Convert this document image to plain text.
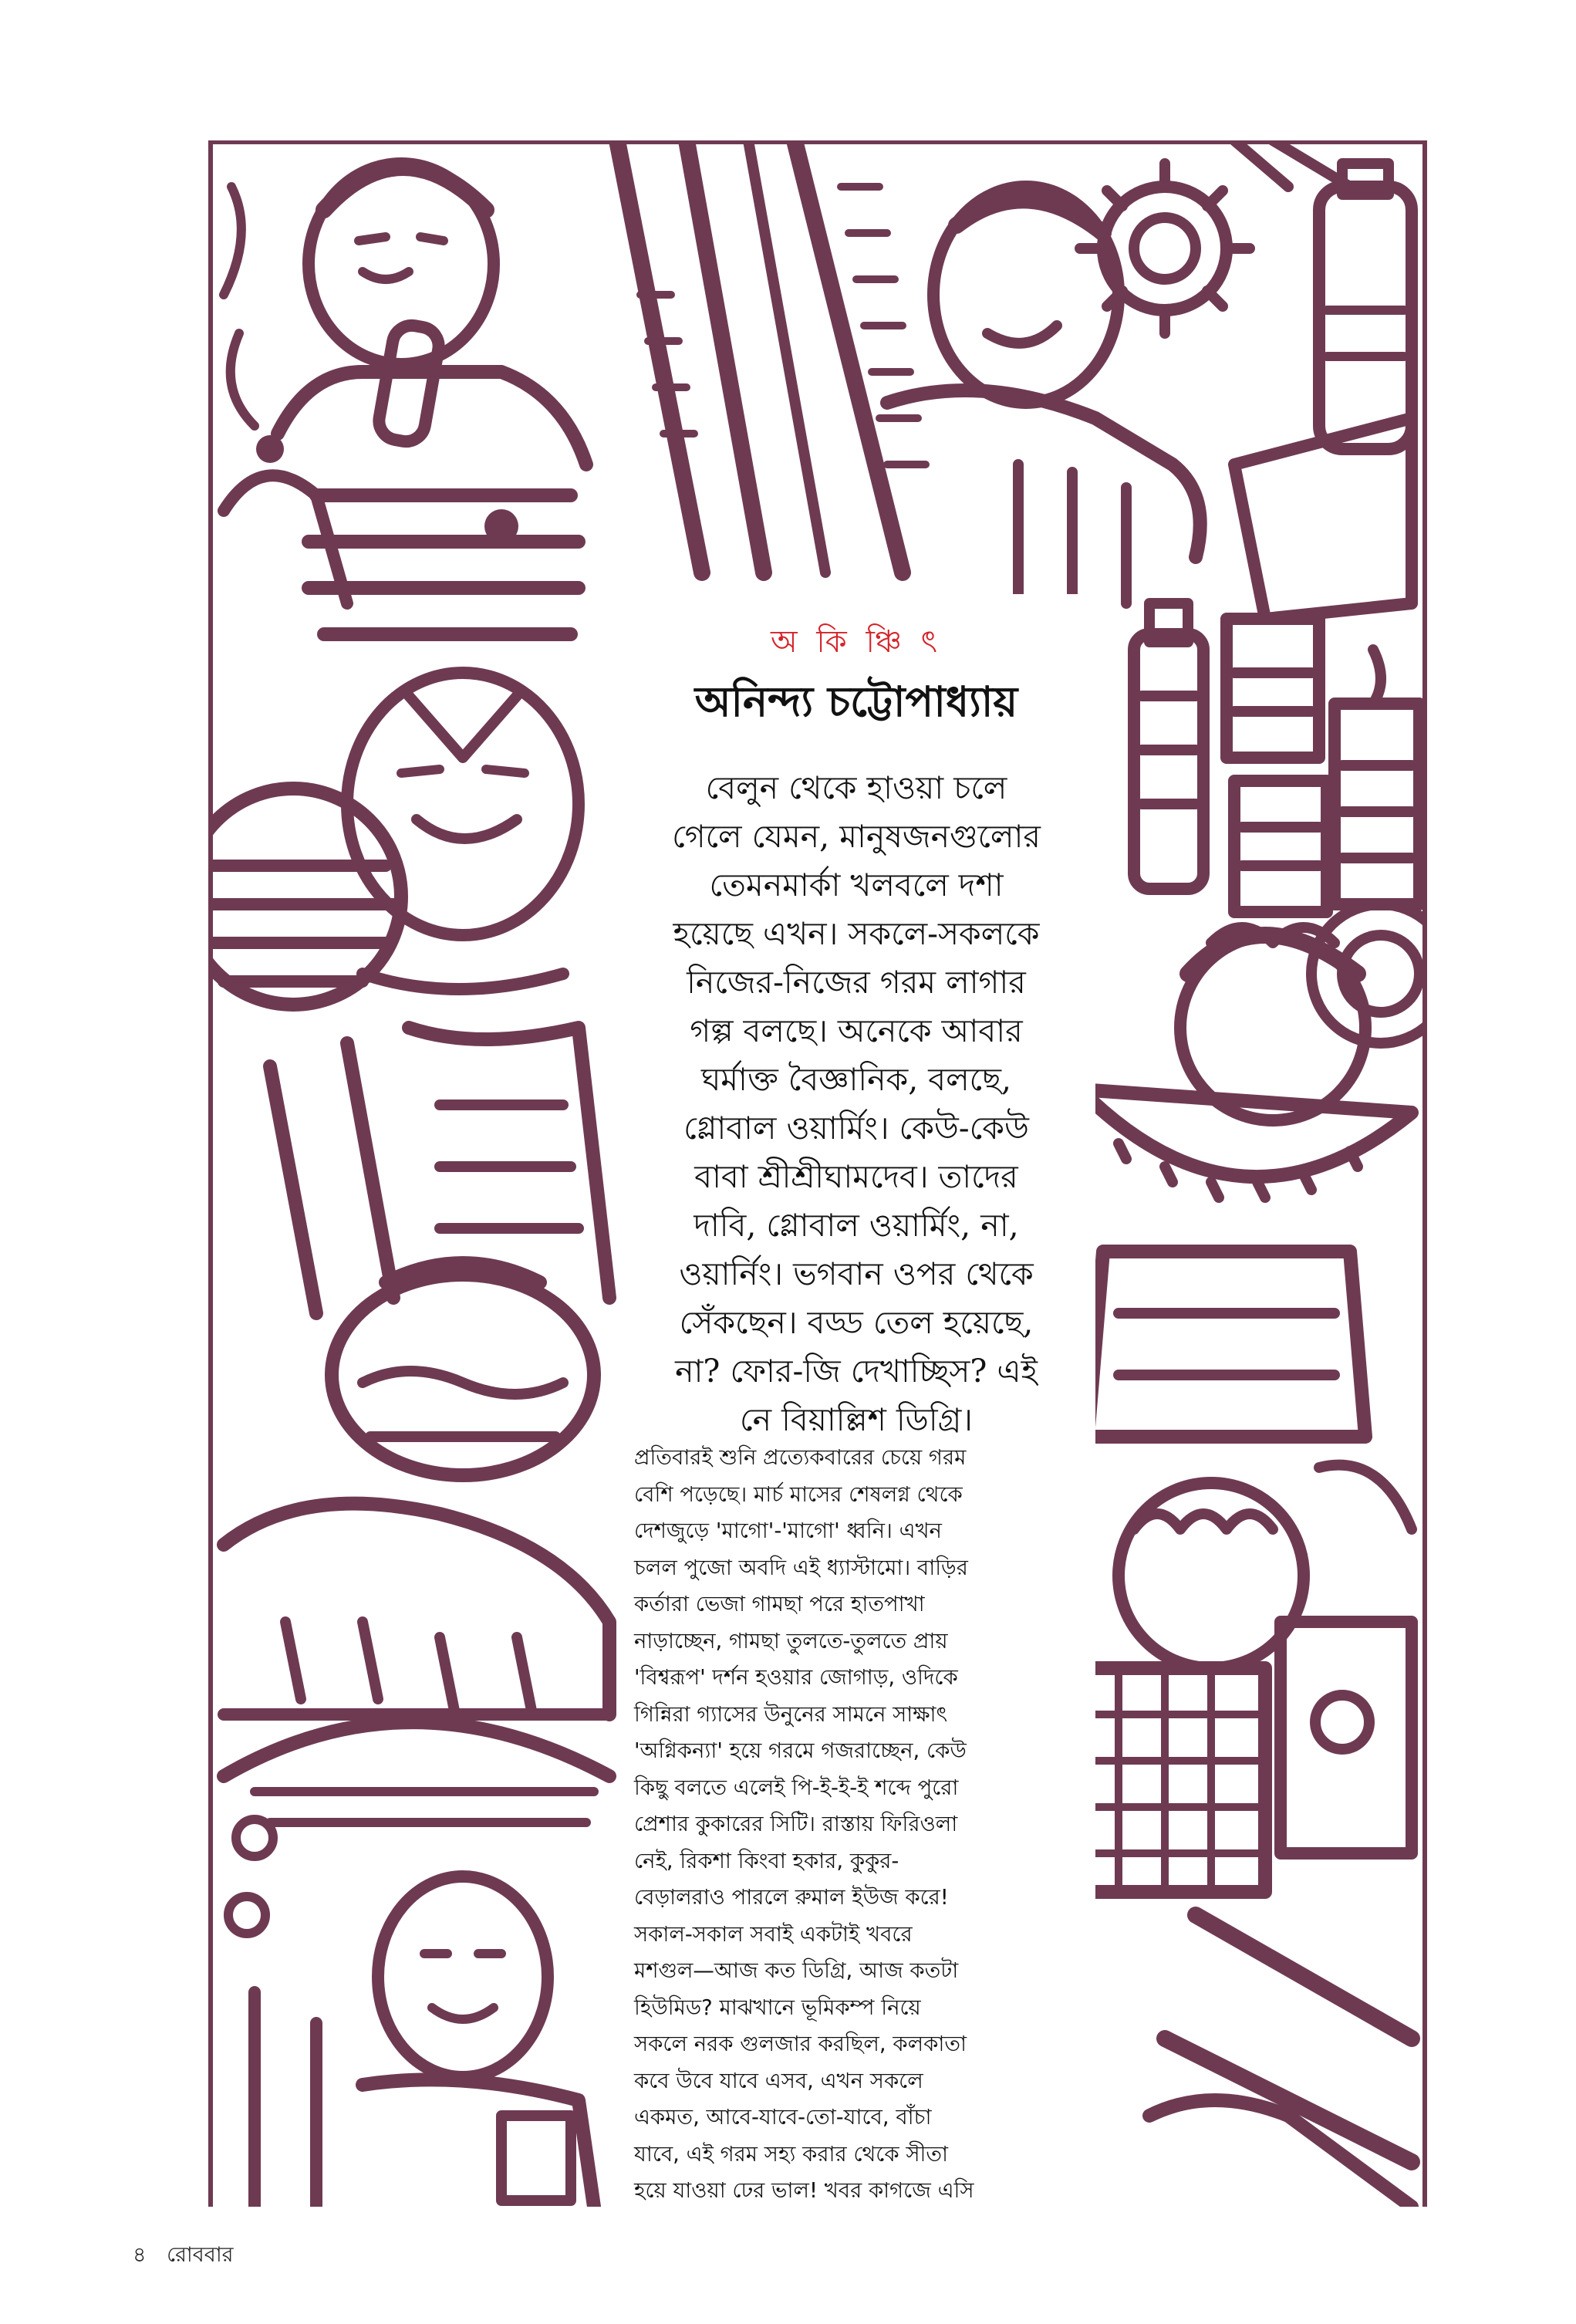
অ কি ঞ্চি ৎ
অনিন্দ্য চট্টোপাধ্যায়
বেলুন থেকে হাওয়া চলে
গেলে যেমন, মানুষজনগুলোর
তেমনমার্কা খলবলে দশা
হয়েছে এখন। সকলে-সকলকে
নিজের-নিজের গরম লাগার
গল্প বলছে। অনেকে আবার
ঘর্মাক্ত বৈজ্ঞানিক, বলছে,
গ্লোবাল ওয়ার্মিং। কেউ-কেউ
বাবা শ্রীশ্রীঘামদেব। তাদের
দাবি, গ্লোবাল ওয়ার্মিং, না,
ওয়ার্নিং। ভগবান ওপর থেকে
সেঁকছেন। বড্ড তেল হয়েছে,
না? ফোর-জি দেখাচ্ছিস? এই
নে বিয়াল্লিশ ডিগ্রি।
প্রতিবারই শুনি প্রত্যেকবারের চেয়ে গরম
বেশি পড়েছে। মার্চ মাসের শেষলগ্ন থেকে
দেশজুড়ে 'মাগো'-'মাগো' ধ্বনি। এখন
চলল পুজো অবদি এই ধ্যাস্টামো। বাড়ির
কর্তারা ভেজা গামছা পরে হাতপাখা
নাড়াচ্ছেন, গামছা তুলতে-তুলতে প্রায়
'বিশ্বরূপ' দর্শন হওয়ার জোগাড়, ওদিকে
গিন্নিরা গ্যাসের উনুনের সামনে সাক্ষাৎ
'অগ্নিকন্যা' হয়ে গরমে গজরাচ্ছেন, কেউ
কিছু বলতে এলেই পি-ই-ই-ই শব্দে পুরো
প্রেশার কুকারের সিটি। রাস্তায় ফিরিওলা
নেই, রিকশা কিংবা হকার, কুকুর-
বেড়ালরাও পারলে রুমাল ইউজ করে!
সকাল-সকাল সবাই একটাই খবরে
মশগুল—আজ কত ডিগ্রি, আজ কতটা
হিউমিড? মাঝখানে ভূমিকম্প নিয়ে
সকলে নরক গুলজার করছিল, কলকাতা
কবে উবে যাবে এসব, এখন সকলে
একমত, আবে-যাবে-তো-যাবে, বাঁচা
যাবে, এই গরম সহ্য করার থেকে সীতা
হয়ে যাওয়া ঢের ভাল! খবর কাগজে এসি
৪ রোববার
